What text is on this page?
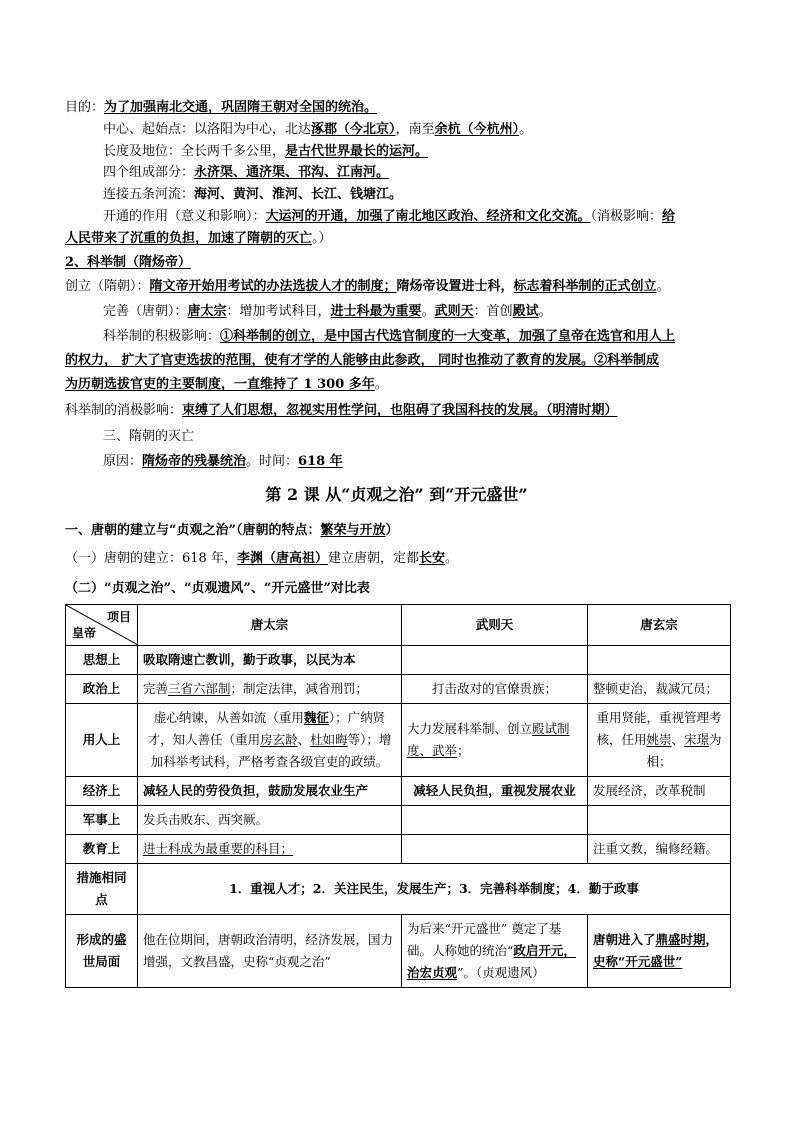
目的：为了加强南北交通，巩固隋王朝对全国的统治。
中心、起始点：以洛阳为中心，北达涿郡（今北京），南至余杭（今杭州）。
长度及地位：全长两千多公里，是古代世界最长的运河。
四个组成部分：永济渠、通济渠、邗沟、江南河。
连接五条河流：海河、黄河、淮河、长江、钱塘江。
开通的作用（意义和影响）：大运河的开通，加强了南北地区政治、经济和文化交流。（消极影响：给
人民带来了沉重的负担，加速了隋朝的灭亡。）
2、科举制（隋炀帝）
创立（隋朝）：隋文帝开始用考试的办法选拔人才的制度；隋炀帝设置进士科，标志着科举制的正式创立。
完善（唐朝）：唐太宗：增加考试科目，进士科最为重要。武则天：首创殿试。
科举制的积极影响：①科举制的创立，是中国古代选官制度的一大变革，加强了皇帝在选官和用人上
的权力， 扩大了官吏选拔的范围，使有才学的人能够由此参政， 同时也推动了教育的发展。②科举制成
为历朝选拔官吏的主要制度，一直维持了 1 300 多年。
科举制的消极影响：束缚了人们思想，忽视实用性学问，也阻碍了我国科技的发展。（明清时期）
三、隋朝的灭亡
原因：隋炀帝的残暴统治。时间：618 年
第 2 课 从“贞观之治” 到“开元盛世”
一、唐朝的建立与“贞观之治”（唐朝的特点：繁荣与开放）
（一）唐朝的建立：618 年，李渊（唐高祖）建立唐朝，定都长安。
（二）“贞观之治”、“贞观遗风”、“开元盛世”对比表
项目
皇帝	唐太宗	武则天	唐玄宗
思想上	吸取隋速亡教训，勤于政事，以民为本		
政治上	完善三省六部制；制定法律，减省刑罚；	打击敌对的官僚贵族；	整顿吏治，裁减冗员；
用人上	虚心纳谏，从善如流（重用魏征）；广纳贤才，知人善任（重用房玄龄、杜如晦等）；增加科举考试科，严格考查各级官吏的政绩。	大力发展科举制、创立殿试制度、武举；	重用贤能，重视管理考核，任用姚崇、宋璟为相；
经济上	减轻人民的劳役负担，鼓励发展农业生产	减轻人民负担，重视发展农业	发展经济，改革税制
军事上	发兵击败东、西突厥。		
教育上	进士科成为最重要的科目；		注重文教，编修经籍。
措施相同点	1．重视人才；2．关注民生，发展生产；3．完善科举制度；4．勤于政事		
形成的盛世局面	他在位期间，唐朝政治清明，经济发展，国力增强，文教昌盛，史称“贞观之治”	为后来“开元盛世” 奠定了基础。人称她的统治“政启开元，治宏贞观”。（贞观遗风）	唐朝进入了鼎盛时期，史称“开元盛世”
